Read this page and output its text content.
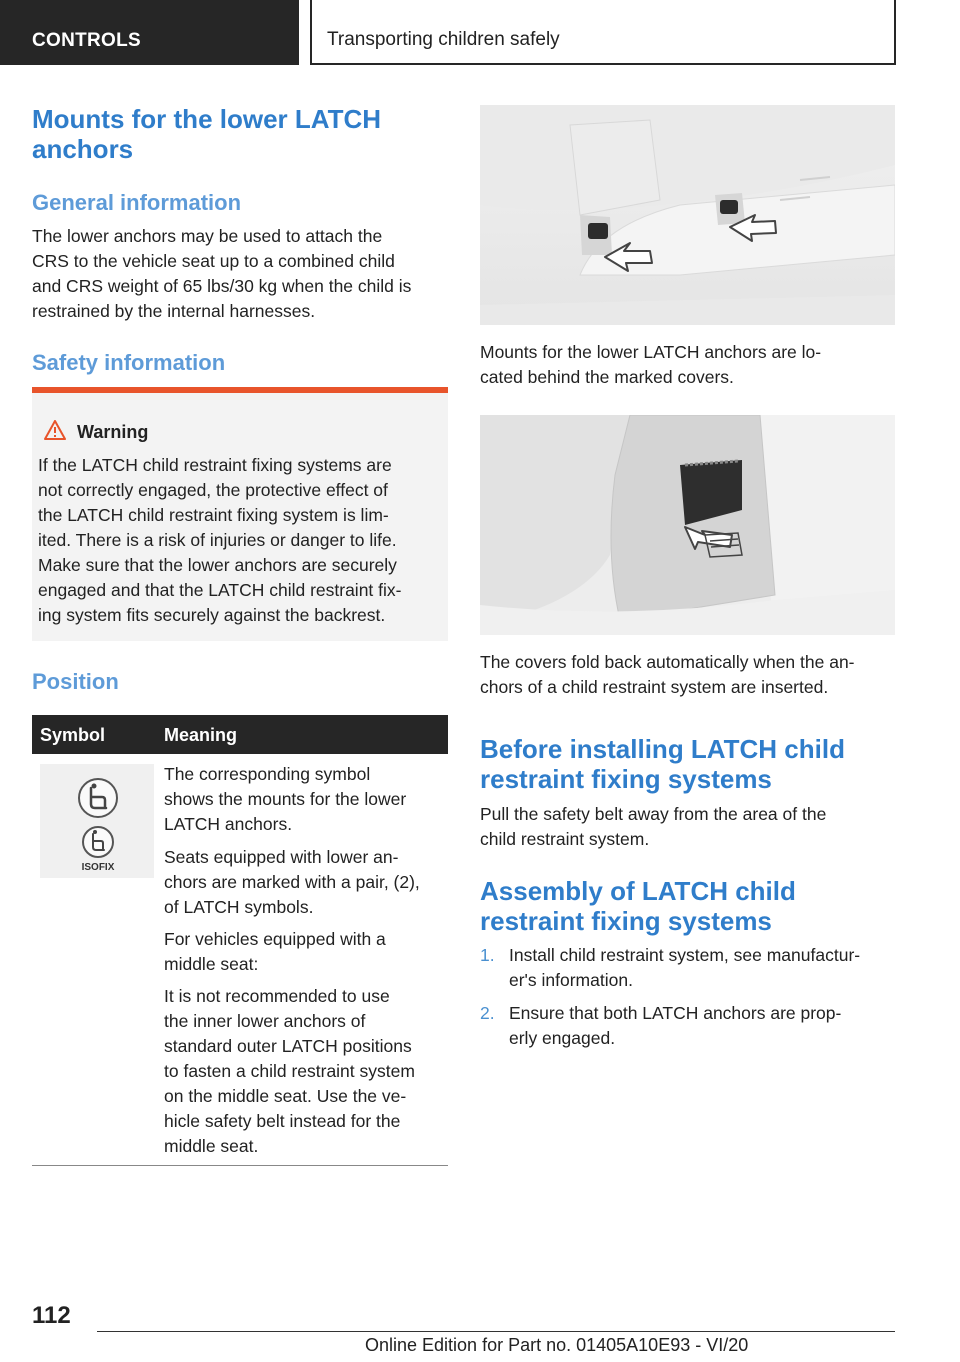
CONTROLS	Transporting children safely
Mounts for the lower LATCH
anchors
General information
The lower anchors may be used to attach the
CRS to the vehicle seat up to a combined child
and CRS weight of 65 lbs/30 kg when the child is
restrained by the internal harnesses.
Safety information
Warning
If the LATCH child restraint fixing systems are
not correctly engaged, the protective effect of
the LATCH child restraint fixing system is lim-
ited. There is a risk of injuries or danger to life.
Make sure that the lower anchors are securely
engaged and that the LATCH child restraint fix-
ing system fits securely against the backrest.
Position
Symbol	Meaning
ISOFIX
The corresponding symbol
shows the mounts for the lower
LATCH anchors.
Seats equipped with lower an-
chors are marked with a pair, (2),
of LATCH symbols.
For vehicles equipped with a
middle seat:
It is not recommended to use
the inner lower anchors of
standard outer LATCH positions
to fasten a child restraint system
on the middle seat. Use the ve-
hicle safety belt instead for the
middle seat.
Mounts for the lower LATCH anchors are lo-
cated behind the marked covers.
The covers fold back automatically when the an-
chors of a child restraint system are inserted.
Before installing LATCH child
restraint fixing systems
Pull the safety belt away from the area of the
child restraint system.
Assembly of LATCH child
restraint fixing systems
1. Install child restraint system, see manufactur-
er's information.
2. Ensure that both LATCH anchors are prop-
erly engaged.
112
Online Edition for Part no. 01405A10E93 - VI/20
